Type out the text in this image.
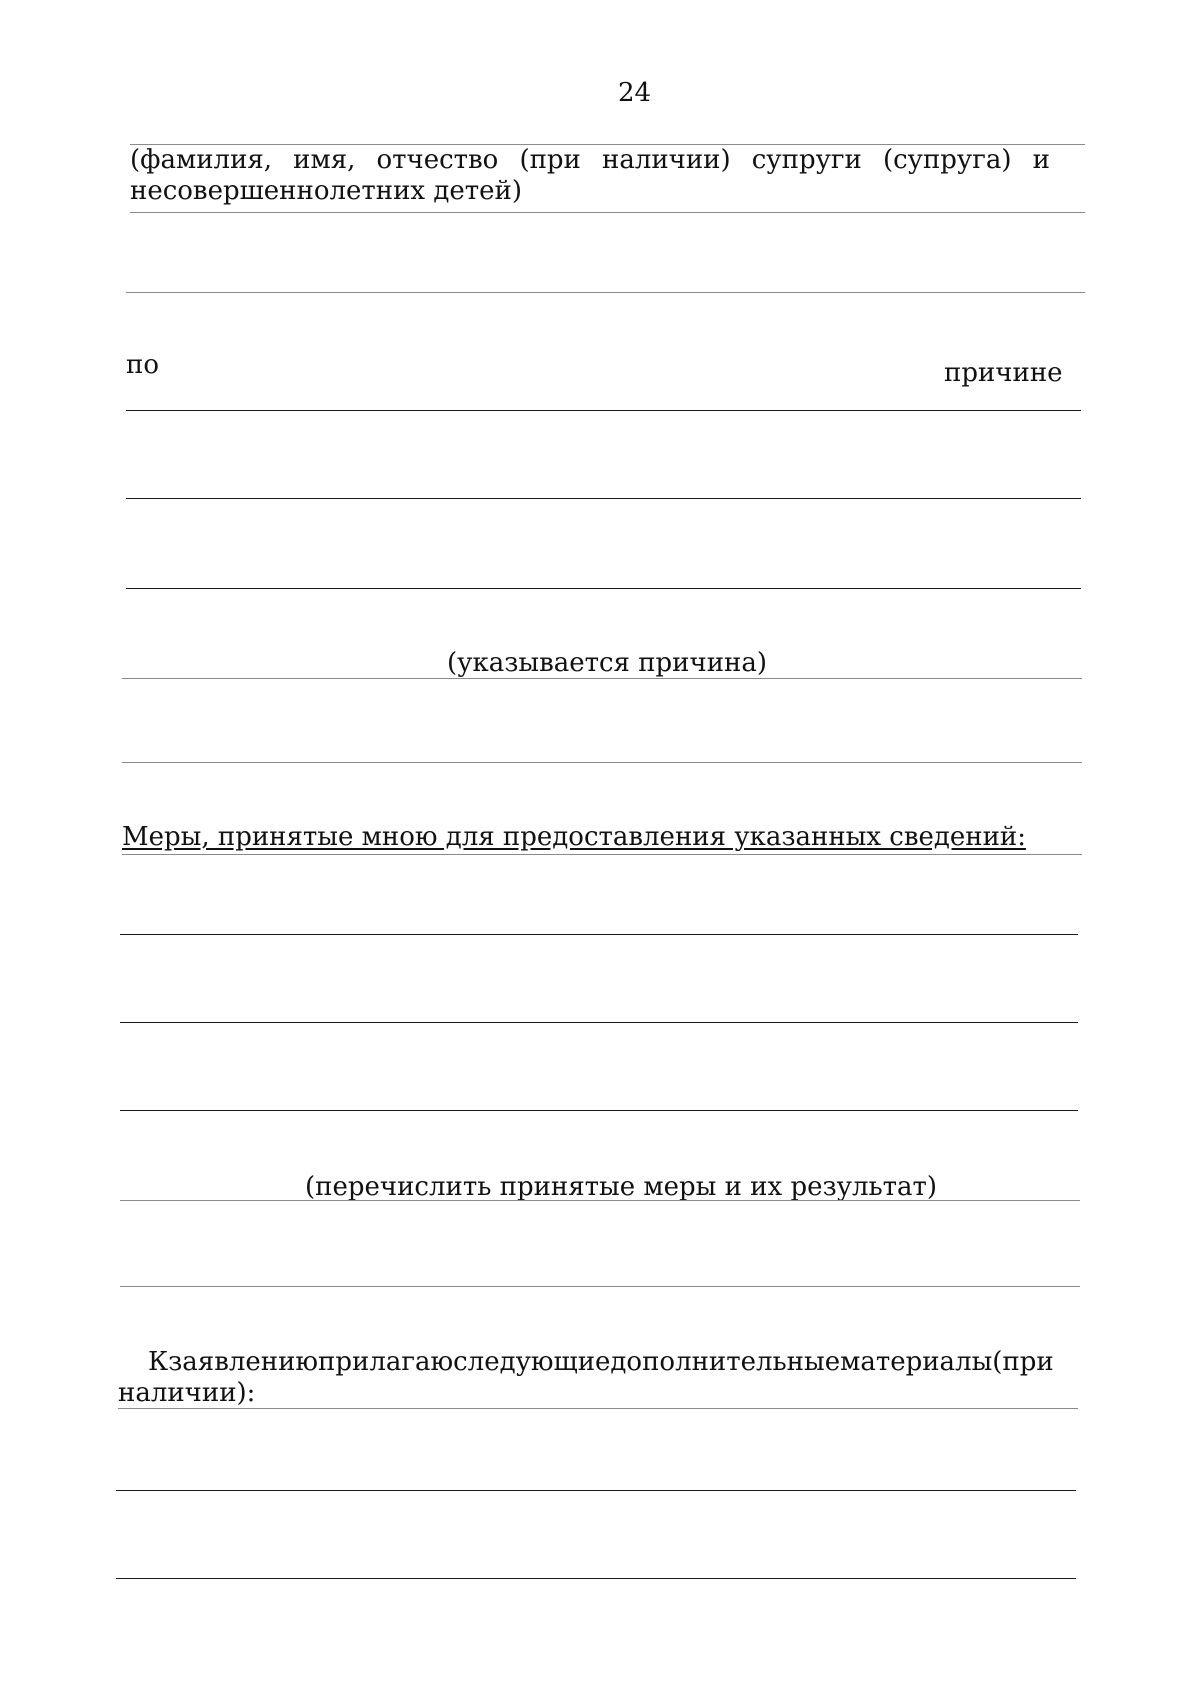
24
(фамилия, имя, отчество (при наличии) супруги (супруга) и
несовершеннолетних детей)
по	причине
(указывается причина)
Меры, принятые мною для предоставления указанных сведений:
(перечислить принятые меры и их результат)
К заявлению прилагаю следующие дополнительные материалы (при
наличии):
